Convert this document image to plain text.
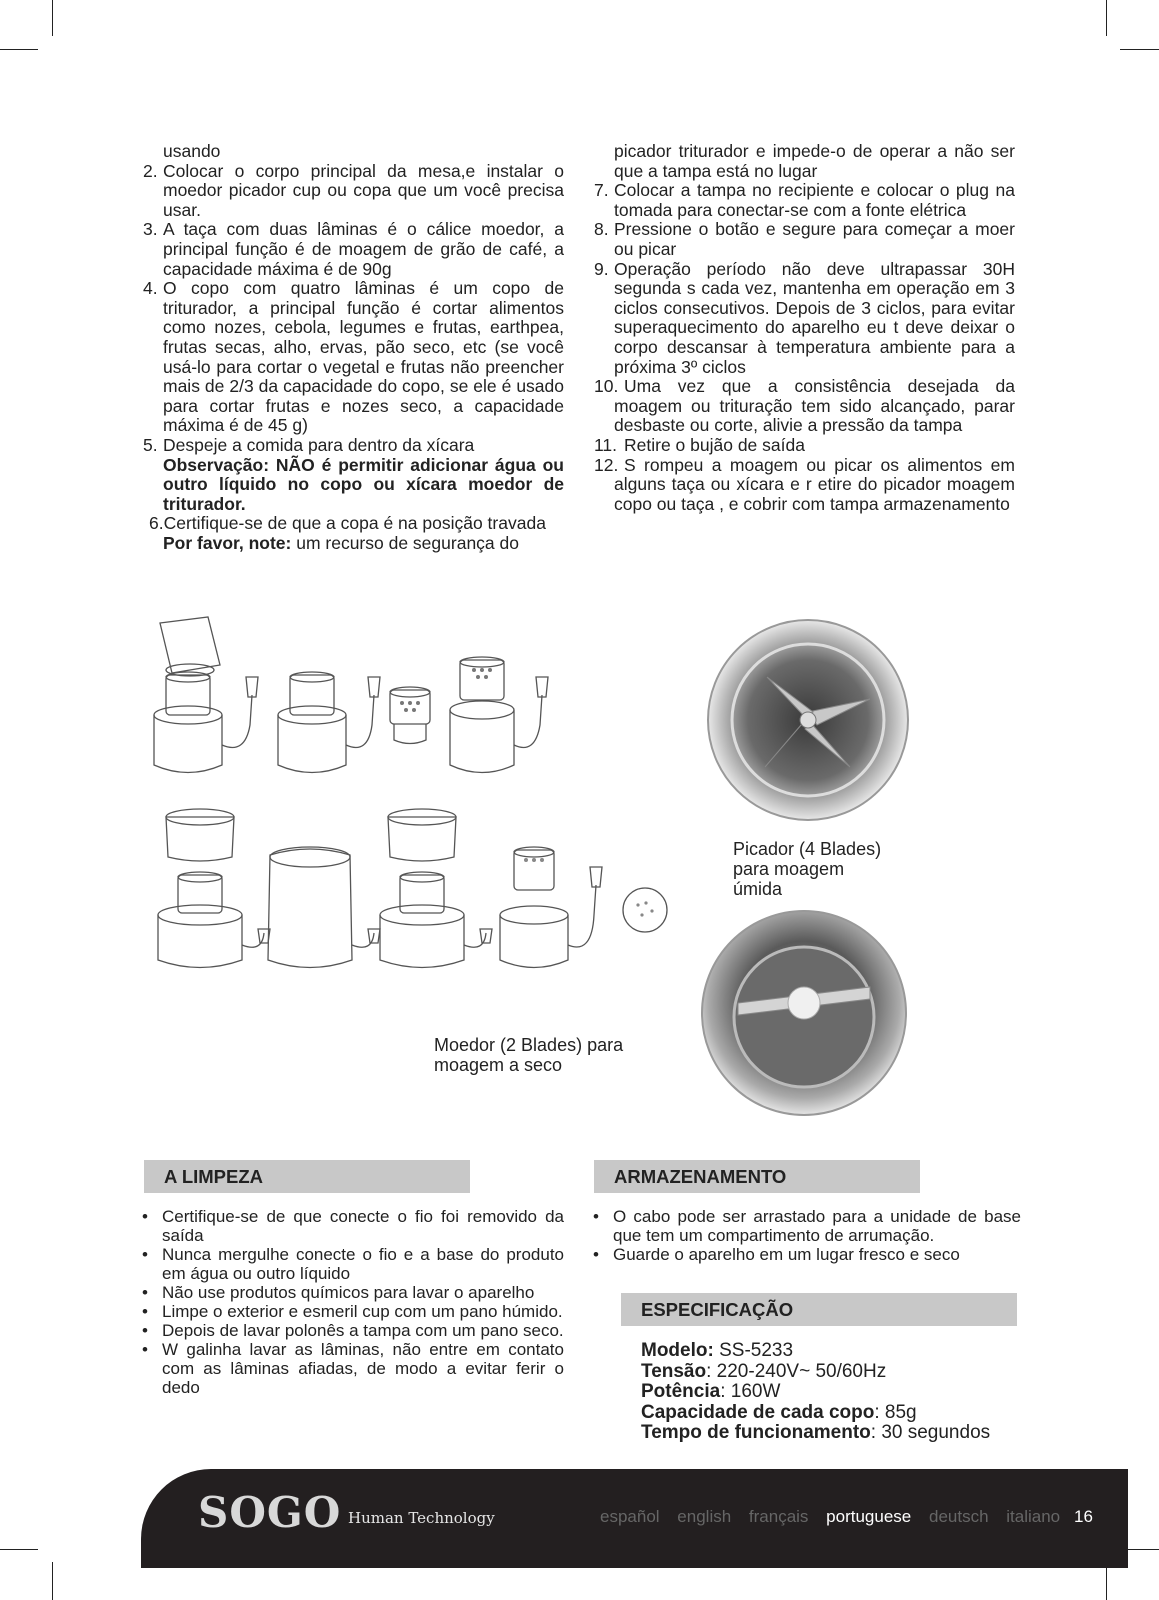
usando

2. Colocar o corpo principal da mesa,e instalar o moedor picador cup ou copa que um você precisa usar.
3. A taça com duas lâminas é o cálice moedor, a principal função é de moagem de grão de café, a capacidade máxima é de 90g
4. O copo com quatro lâminas é um copo de triturador, a principal função é cortar alimentos como nozes, cebola, legumes e frutas, earthpea, frutas secas, alho, ervas, pão seco, etc (se você usá-lo para cortar o vegetal e frutas não preencher mais de 2/3 da capacidade do copo, se ele é usado para cortar frutas e nozes seco, a capacidade máxima é de 45 g)
5. Despeje a comida para dentro da xícara

Observação: NÃO é permitir adicionar água ou outro líquido no copo ou xícara moedor de triturador.

6.Certifique-se de que a copa é na posição travada

Por favor, note: um recurso de segurança do

picador triturador e impede-o de operar a não ser que a tampa está no lugar

7. Colocar a tampa no recipiente e colocar o plug na tomada para conectar-se com a fonte elétrica
8. Pressione o botão e segure para começar a moer ou picar
9. Operação período não deve ultrapassar 30H segunda s cada vez, mantenha em operação em 3 ciclos consecutivos. Depois de 3 ciclos, para evitar superaquecimento do aparelho eu t deve deixar o corpo descansar à temperatura ambiente para a próxima 3º ciclos
10. Uma vez que a consistência desejada da moagem ou trituração tem sido alcançado, parar desbaste ou corte, alivie a pressão da tampa
11. Retire o bujão de saída
12. S rompeu a moagem ou picar os alimentos em alguns taça ou xícara e r etire do picador moagem copo ou taça , e cobrir com tampa armazenamento
Picador (4 Blades) para moagem úmida
Moedor (2 Blades) para moagem a seco
A LIMPEZA
• Certifique-se de que conecte o fio foi removido da saída
• Nunca mergulhe conecte o fio e a base do produto em água ou outro líquido
• Não use produtos químicos para lavar o aparelho
• Limpe o exterior e esmeril cup com um pano húmido.
• Depois de lavar polonês a tampa com um pano seco.
• W galinha lavar as lâminas, não entre em contato com as lâminas afiadas, de modo a evitar ferir o dedo
ARMAZENAMENTO
• O cabo pode ser arrastado para a unidade de base que tem um compartimento de arrumação.
• Guarde o aparelho em um lugar fresco e seco
ESPECIFICAÇÃO
Modelo: SS-5233
Tensão: 220-240V~ 50/60Hz
Potência: 160W
Capacidade de cada copo: 85g
Tempo de funcionamento: 30 segundos
SOGO Human Technology	español english français portuguese deutsch italiano 16
